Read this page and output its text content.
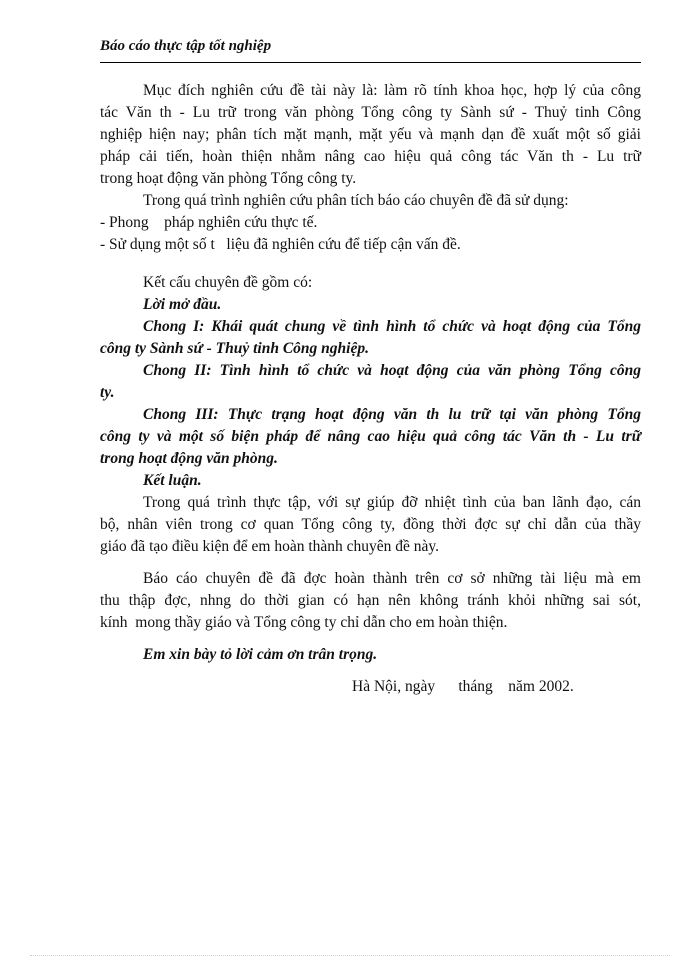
Báo cáo thực tập tốt nghiệp
Mục đích nghiên cứu đề tài này là: làm rõ tính khoa học, hợp lý của công
tác Văn th - Lu trữ trong văn phòng Tổng công ty Sành sứ - Thuỷ tinh Công
nghiệp hiện nay; phân tích mặt mạnh, mặt yếu và mạnh dạn đề xuất một số giải
pháp cải tiến, hoàn thiện nhằm nâng cao hiệu quả công tác Văn th - Lu trữ
trong hoạt động văn phòng Tổng công ty.
Trong quá trình nghiên cứu phân tích báo cáo chuyên đề đã sử dụng:
- Phong    pháp nghiên cứu thực tế.
- Sử dụng một số t   liệu đã nghiên cứu để tiếp cận vấn đề.
Kết cấu chuyên đề gồm có:
Lời mở đầu.
Chong I: Khái quát chung về tình hình tổ chức và hoạt động của Tổng
công ty Sành sứ - Thuỷ tinh Công nghiệp.
Chong II: Tình hình tổ chức và hoạt động của văn phòng Tổng công
ty.
Chong III: Thực trạng hoạt động văn th lu trữ tại văn phòng Tổng
công ty và một số biện pháp để nâng cao hiệu quả công tác Văn th - Lu trữ
trong hoạt động văn phòng.
Kết luận.
Trong quá trình thực tập, với sự giúp đỡ nhiệt tình của ban lãnh đạo, cán
bộ, nhân viên trong cơ quan Tổng công ty, đồng thời đợc sự chỉ dẫn của thầy
giáo đã tạo điều kiện để em hoàn thành chuyên đề này.
Báo cáo chuyên đề đã đợc hoàn thành trên cơ sở những tài liệu mà em
thu thập đợc, nhng do thời gian có hạn nên không tránh khỏi những sai sót,
kính  mong thầy giáo và Tổng công ty chỉ dẫn cho em hoàn thiện.
Em xin bày tỏ lời cảm ơn trân trọng.
Hà Nội, ngày      tháng    năm 2002.
